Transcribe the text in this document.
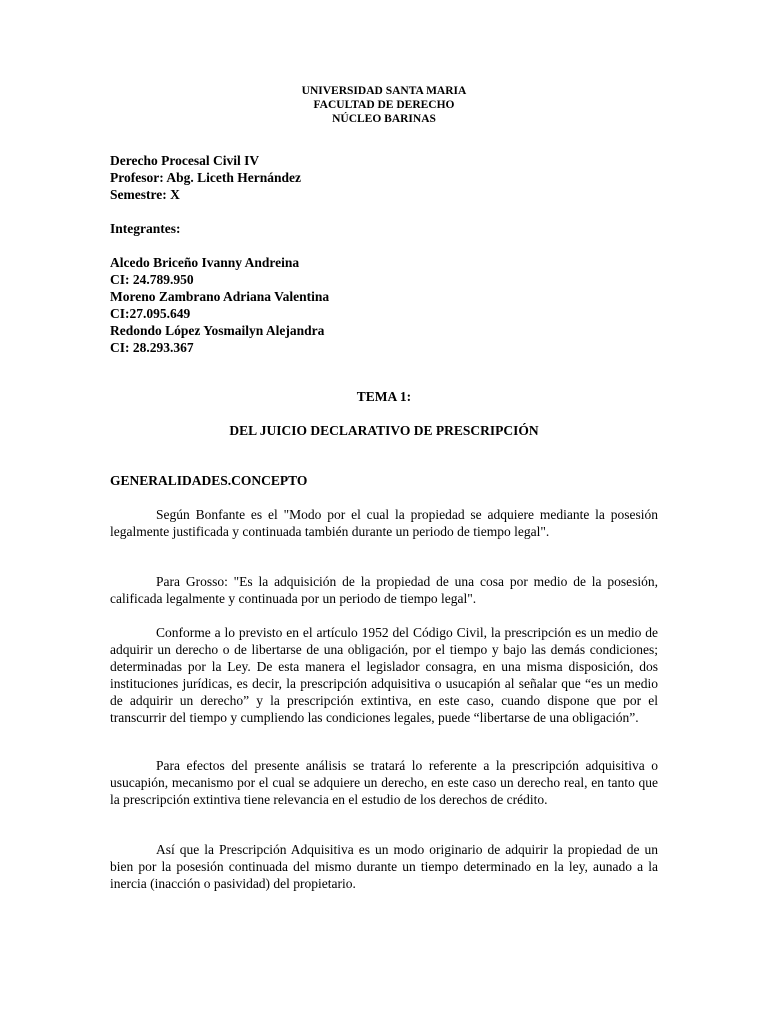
UNIVERSIDAD SANTA MARIA
FACULTAD DE DERECHO
NÚCLEO BARINAS
Derecho Procesal Civil IV
Profesor: Abg. Liceth Hernández
Semestre: X
Integrantes:
Alcedo Briceño Ivanny Andreina
CI: 24.789.950
Moreno Zambrano Adriana Valentina
CI:27.095.649
Redondo López Yosmailyn Alejandra
CI: 28.293.367
TEMA 1:
DEL JUICIO DECLARATIVO DE PRESCRIPCIÓN
GENERALIDADES.CONCEPTO
Según Bonfante es el "Modo por el cual la propiedad se adquiere mediante la posesión legalmente justificada y continuada también durante un periodo de tiempo legal".
Para Grosso: "Es la adquisición de la propiedad de una cosa por medio de la posesión, calificada legalmente y continuada por un periodo de tiempo legal".
Conforme a lo previsto en el artículo 1952 del Código Civil, la prescripción es un medio de adquirir un derecho o de libertarse de una obligación, por el tiempo y bajo las demás condiciones; determinadas por la Ley. De esta manera el legislador consagra, en una misma disposición, dos instituciones jurídicas, es decir, la prescripción adquisitiva o usucapión al señalar que “es un medio de adquirir un derecho” y la prescripción extintiva, en este caso, cuando dispone que por el transcurrir del tiempo y cumpliendo las condiciones legales, puede “libertarse de una obligación”.
Para efectos del presente análisis se tratará lo referente a la prescripción adquisitiva o usucapión, mecanismo por el cual se adquiere un derecho, en este caso un derecho real, en tanto que la prescripción extintiva tiene relevancia en el estudio de los derechos de crédito.
Así que la Prescripción Adquisitiva es un modo originario de adquirir la propiedad de un bien por la posesión continuada del mismo durante un tiempo determinado en la ley, aunado a la inercia (inacción o pasividad) del propietario.
